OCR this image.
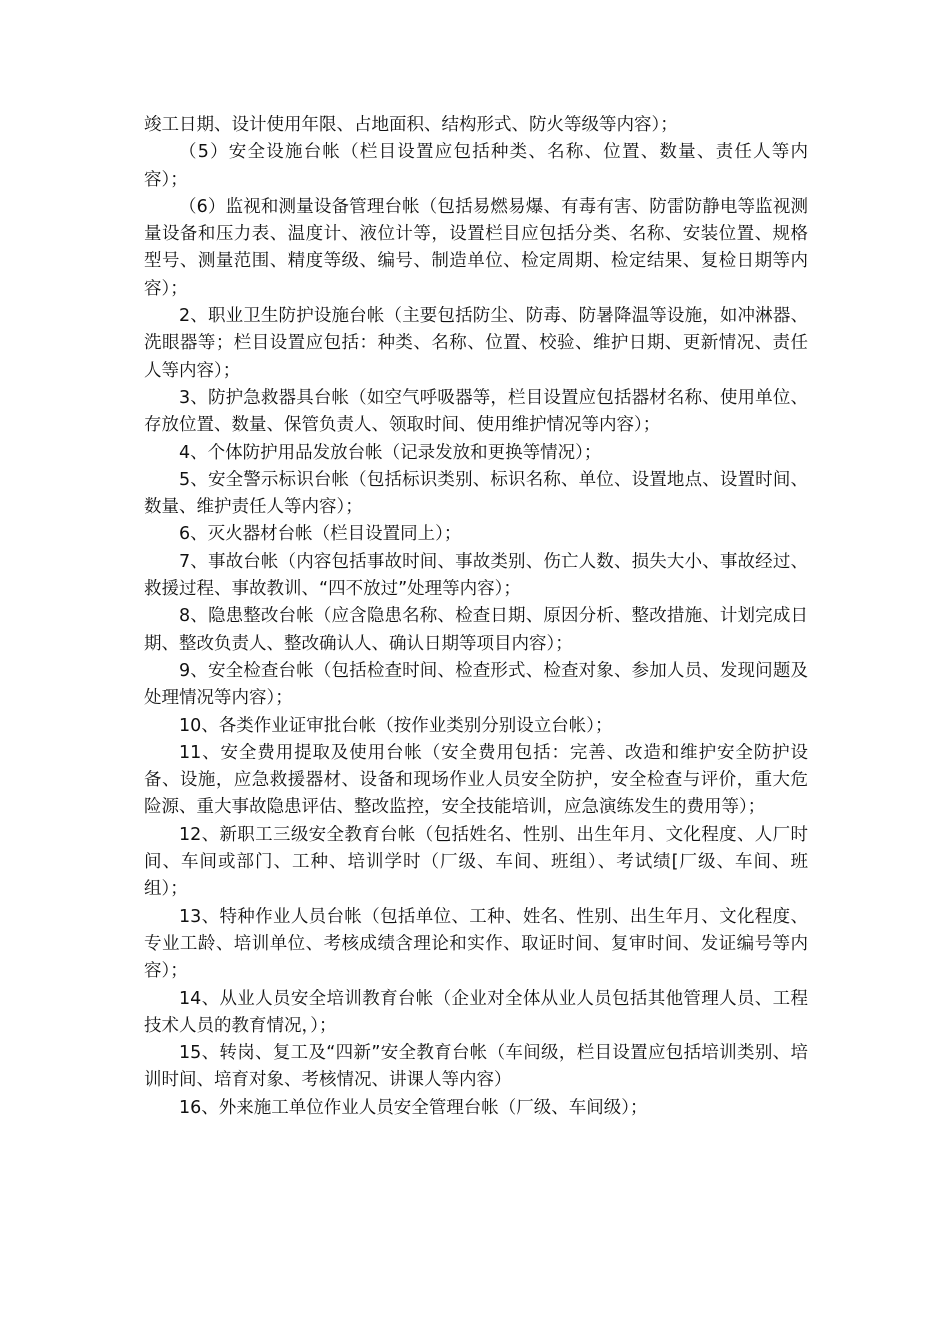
竣工日期、设计使用年限、占地面积、结构形式、防火等级等内容）；

（5）安全设施台帐（栏目设置应包括种类、名称、位置、数量、责任人等内容）；

（6）监视和测量设备管理台帐（包括易燃易爆、有毒有害、防雷防静电等监视测量设备和压力表、温度计、液位计等，设置栏目应包括分类、名称、安装位置、规格型号、测量范围、精度等级、编号、制造单位、检定周期、检定结果、复检日期等内容）；

2、职业卫生防护设施台帐（主要包括防尘、防毒、防暑降温等设施，如冲淋器、洗眼器等；栏目设置应包括：种类、名称、位置、校验、维护日期、更新情况、责任人等内容）；

3、防护急救器具台帐（如空气呼吸器等，栏目设置应包括器材名称、使用单位、存放位置、数量、保管负责人、领取时间、使用维护情况等内容）；

4、个体防护用品发放台帐（记录发放和更换等情况）；

5、安全警示标识台帐（包括标识类别、标识名称、单位、设置地点、设置时间、数量、维护责任人等内容）；

6、灭火器材台帐（栏目设置同上）；

7、事故台帐（内容包括事故时间、事故类别、伤亡人数、损失大小、事故经过、救援过程、事故教训、“四不放过”处理等内容）；

8、隐患整改台帐（应含隐患名称、检查日期、原因分析、整改措施、计划完成日期、整改负责人、整改确认人、确认日期等项目内容）；

9、安全检查台帐（包括检查时间、检查形式、检查对象、参加人员、发现问题及处理情况等内容）；

10、各类作业证审批台帐（按作业类别分别设立台帐）；

11、安全费用提取及使用台帐（安全费用包括：完善、改造和维护安全防护设备、设施，应急救援器材、设备和现场作业人员安全防护，安全检查与评价，重大危险源、重大事故隐患评估、整改监控，安全技能培训，应急演练发生的费用等）；

12、新职工三级安全教育台帐（包括姓名、性别、出生年月、文化程度、人厂时间、车间或部门、工种、培训学时（厂级、车间、班组）、考试绩[厂级、车间、班组）；

13、特种作业人员台帐（包括单位、工种、姓名、性别、出生年月、文化程度、专业工龄、培训单位、考核成绩含理论和实作、取证时间、复审时间、发证编号等内容）；

14、从业人员安全培训教育台帐（企业对全体从业人员包括其他管理人员、工程技术人员的教育情况，）；

15、转岗、复工及“四新”安全教育台帐（车间级，栏目设置应包括培训类别、培训时间、培育对象、考核情况、讲课人等内容）

16、外来施工单位作业人员安全管理台帐（厂级、车间级）；
